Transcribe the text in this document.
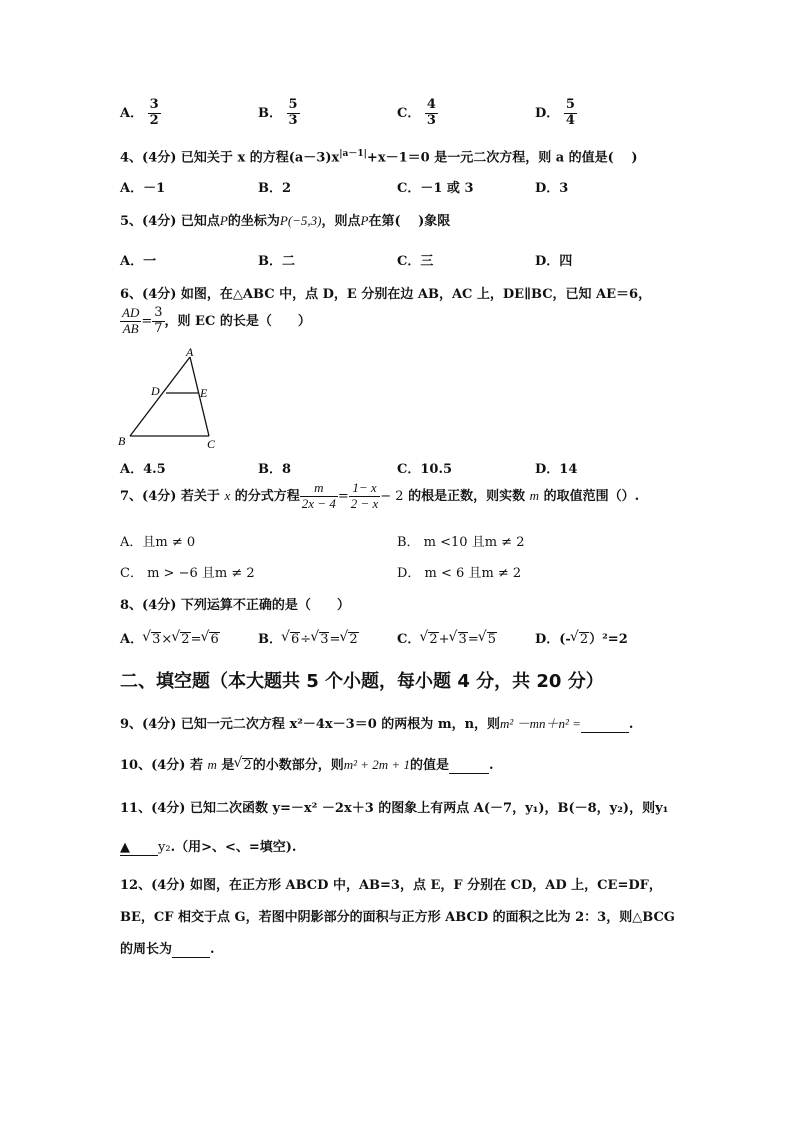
A． $\frac{3}{2}$	B． $\frac{5}{3}$	C． $\frac{4}{3}$	D． $\frac{5}{4}$
4、(4分) 已知关于 x 的方程$(a-3)x^{|a-1|}+x-1=0$ 是一元二次方程，则 a 的值是(　 )
A．－1	B．2	C．－1 或 3	D．3
5、(4分) 已知点P的坐标为P(−5,3)，则点P在第(　 )象限
A．一	B．二	C．三	D．四
6、(4分) 如图，在△ABC 中，点 D，E 分别在边 AB，AC 上，DE∥BC，已知 AE＝6，
$\frac{AD}{AB} = \frac{3}{7}$ ，则 EC 的长是（　　）
A
D	E
B	C
A．4.5	B．8	C．10.5	D．14
7、(4分) 若关于 x 的分式方程 $\frac{m}{2x - 4} = \frac{1- x}{2 - x} - 2$ 的根是正数，则实数 m 的取值范围（）.
A．且m ≠ 0	B． m <10 且m ≠ 2
C． m > −6 且m ≠ 2	D． m < 6 且m ≠ 2
8、(4分) 下列运算不正确的是（　　）
A． √ 3× √ 2= √ 6	B． √ 6÷ √ 3= √ 2	C． √ 2+ √ 3= √ 5	D．(- √ 2）²=2
二、填空题（本大题共 5 个小题，每小题 4 分，共 20 分）
9、(4分) 已知一元二次方程 x²－4x－3＝0 的两根为 m，n，则m² －mn＋n² =	.
10、(4分) 若 m 是 √ 2的小数部分，则m² + 2m + 1的值是	.
11、(4分) 已知二次函数 y=－x² －2x＋3 的图象上有两点 A(－7，y₁)，B(－8，y₂)，则y₁
▲ y₂.（用>、<、=填空).
12、(4分) 如图，在正方形 ABCD 中，AB=3，点 E，F 分别在 CD，AD 上，CE=DF，
BE，CF 相交于点 G，若图中阴影部分的面积与正方形 ABCD 的面积之比为 2：3，则△BCG
的周长为	.
